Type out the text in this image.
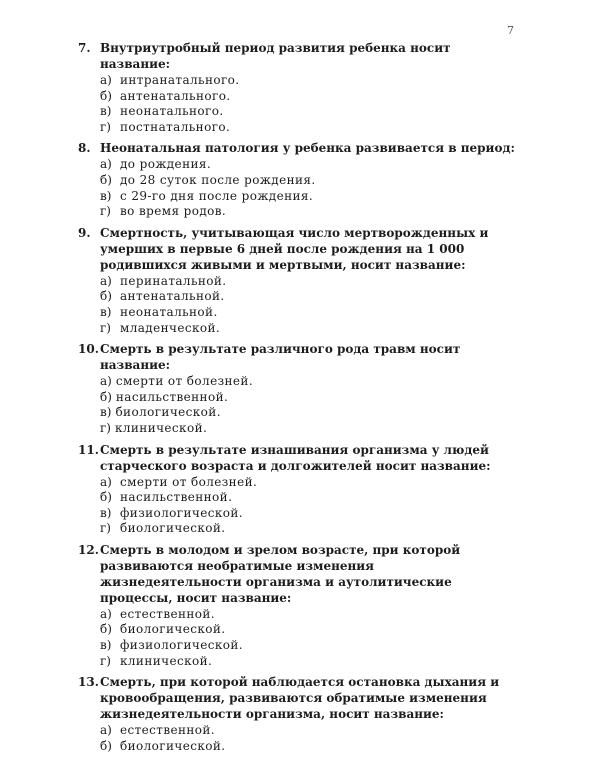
7
7. Внутриутробный период развития ребенка носит название:
а) интранатального.
б) антенатального.
в) неонатального.
г) постнатального.
8. Неонатальная патология у ребенка развивается в период:
а) до рождения.
б) до 28 суток после рождения.
в) с 29-го дня после рождения.
г) во время родов.
9. Смертность, учитывающая число мертворожденных и умерших в первые 6 дней после рождения на 1 000 родившихся живыми и мертвыми, носит название:
а) перинатальной.
б) антенатальной.
в) неонатальной.
г) младенческой.
10. Смерть в результате различного рода травм носит название:
а) смерти от болезней.
б) насильственной.
в) биологической.
г) клинической.
11. Смерть в результате изнашивания организма у людей старческого возраста и долгожителей носит название:
а) смерти от болезней.
б) насильственной.
в) физиологической.
г) биологической.
12. Смерть в молодом и зрелом возрасте, при которой развиваются необратимые изменения жизнедеятельности организма и аутолитические процессы, носит название:
а) естественной.
б) биологической.
в) физиологической.
г) клинической.
13. Смерть, при которой наблюдается остановка дыхания и кровообращения, развиваются обратимые изменения жизнедеятельности организма, носит название:
а) естественной.
б) биологической.
